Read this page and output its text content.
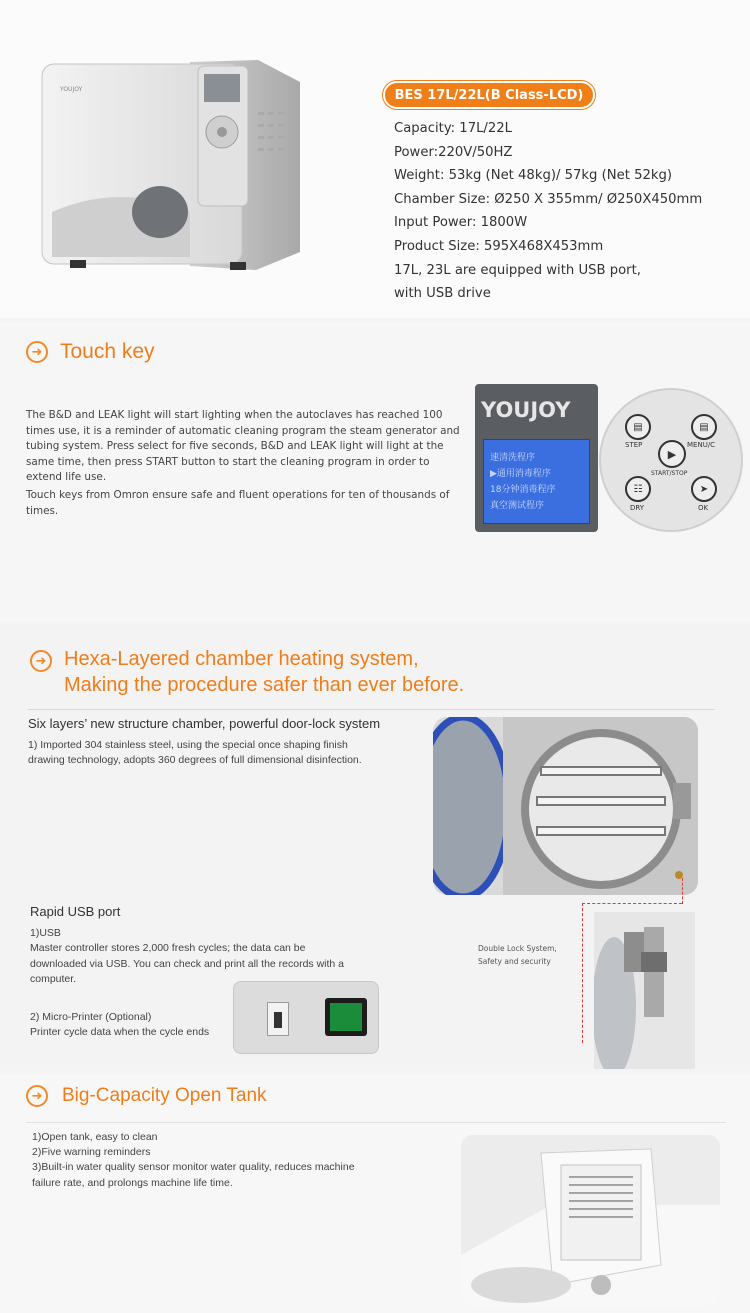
YOUJOY	BES 17L/22L(B Class-LCD)
Capacity: 17L/22L
Power:220V/50HZ
Weight: 53kg (Net 48kg)/ 57kg (Net 52kg)
Chamber Size: Ø250 X 355mm/ Ø250X450mm
Input Power: 1800W
Product Size: 595X468X453mm
17L, 23L are equipped with USB port,
with USB drive
➜ Touch key
The B&D and LEAK light will start lighting when the autoclaves has reached 100 times use, it is a reminder of automatic cleaning program the steam generator and tubing system. Press select for five seconds, B&D and LEAK light will light at the same time, then press START button to start the cleaning program in order to extend life use.
Touch keys from Omron ensure safe and fluent operations for ten of thousands of times.
YOUJOY
速清洗程序
▶通用消毒程序
18分钟消毒程序
真空测试程序
▤
STEP
▤
MENU/C
▶
START/STOP
☷
DRY
➤
OK
➜ Hexa-Layered chamber heating system,
Making the procedure safer than ever before.
Six layers’ new structure chamber, powerful door-lock system
1) Imported 304 stainless steel, using the special once shaping finish
drawing technology, adopts 360 degrees of full dimensional disinfection.
Double Lock System,
Safety and security
Rapid USB port
1)USB
Master controller stores 2,000 fresh cycles; the data can be downloaded via USB. You can check and print all the records with a computer.
2) Micro-Printer (Optional)
Printer cycle data when the cycle ends
➜ Big-Capacity Open Tank
1)Open tank, easy to clean
2)Five warning reminders
3)Built-in water quality sensor monitor water quality, reduces machine failure rate, and prolongs machine life time.
